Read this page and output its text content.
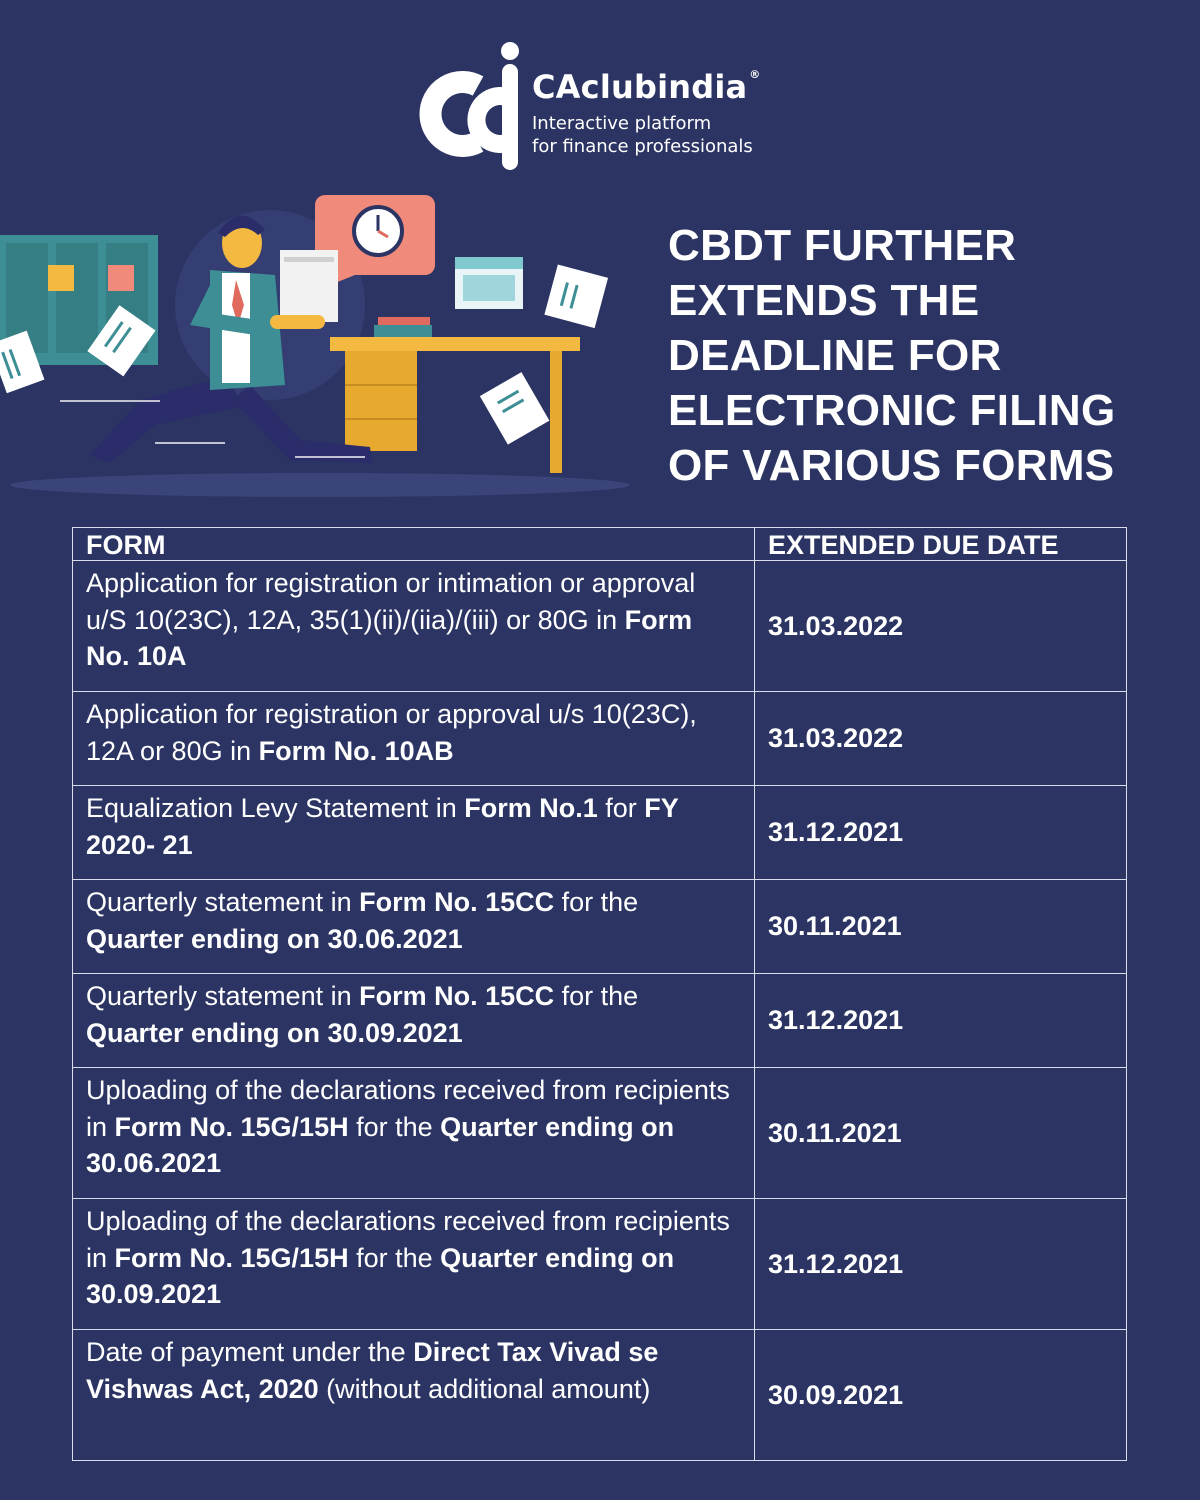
CAclubindia ®
Interactive platform
for finance professionals
CBDT FURTHER
EXTENDS THE
DEADLINE FOR
ELECTRONIC FILING
OF VARIOUS FORMS
FORM	EXTENDED DUE DATE
Application for registration or intimation or approval u/S 10(23C), 12A, 35(1)(ii)/(iia)/(iii) or 80G in Form No. 10A	31.03.2022
Application for registration or approval u/s 10(23C), 12A or 80G in Form No. 10AB	31.03.2022
Equalization Levy Statement in Form No.1 for FY 2020- 21	31.12.2021
Quarterly statement in Form No. 15CC for the Quarter ending on 30.06.2021	30.11.2021
Quarterly statement in Form No. 15CC for the Quarter ending on 30.09.2021	31.12.2021
Uploading of the declarations received from recipients in Form No. 15G/15H for the Quarter ending on 30.06.2021	30.11.2021
Uploading of the declarations received from recipients in Form No. 15G/15H for the Quarter ending on 30.09.2021	31.12.2021
Date of payment under the Direct Tax Vivad se Vishwas Act, 2020 (without additional amount)	30.09.2021
